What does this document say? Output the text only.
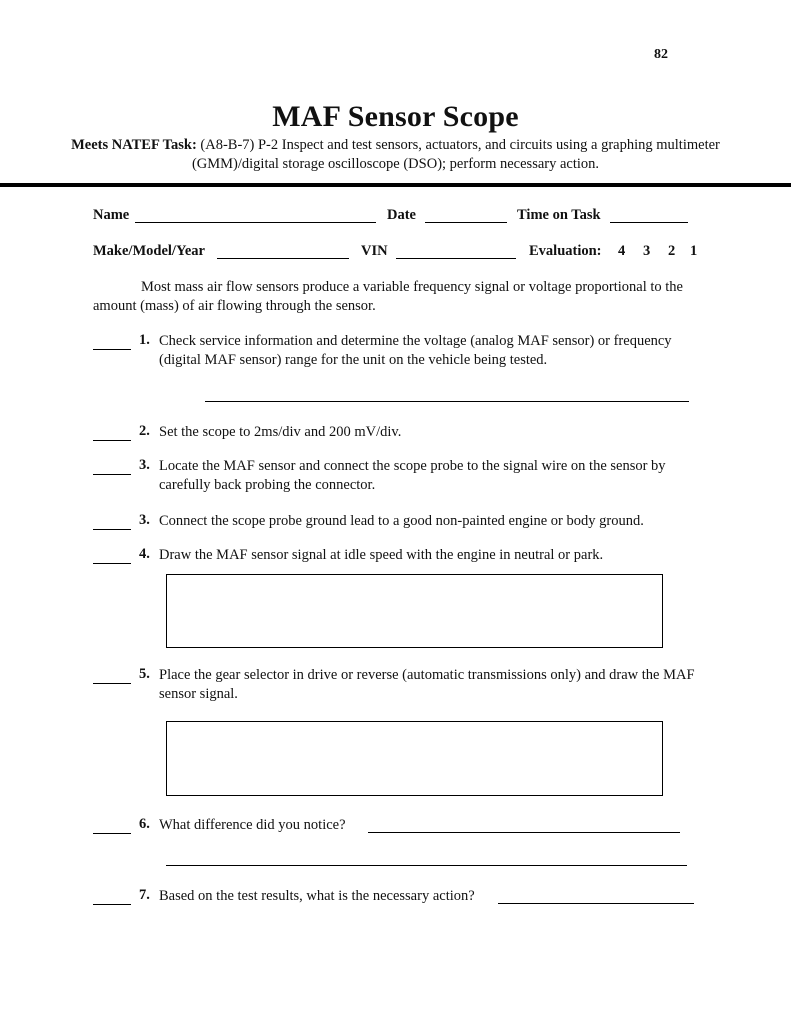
82
MAF Sensor Scope
Meets NATEF Task: (A8-B-7) P-2 Inspect and test sensors, actuators, and circuits using a graphing multimeter (GMM)/digital storage oscilloscope (DSO); perform necessary action.
Name	Date	Time on Task
Make/Model/Year	VIN	Evaluation: 4 3 2 1
Most mass air flow sensors produce a variable frequency signal or voltage proportional to the amount (mass) of air flowing through the sensor.
1. Check service information and determine the voltage (analog MAF sensor) or frequency (digital MAF sensor) range for the unit on the vehicle being tested.
2. Set the scope to 2ms/div and 200 mV/div.
3. Locate the MAF sensor and connect the scope probe to the signal wire on the sensor by carefully back probing the connector.
3. Connect the scope probe ground lead to a good non-painted engine or body ground.
4. Draw the MAF sensor signal at idle speed with the engine in neutral or park.
5. Place the gear selector in drive or reverse (automatic transmissions only) and draw the MAF sensor signal.
6. What difference did you notice?
7. Based on the test results, what is the necessary action?
